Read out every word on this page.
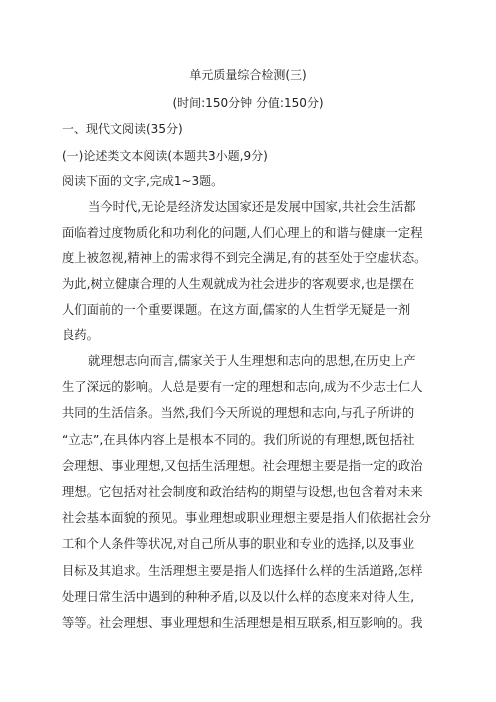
单元质量综合检测(三)
(时间:150分钟 分值:150分)
一、现代文阅读(35分)
(一)论述类文本阅读(本题共3小题,9分)
阅读下面的文字,完成1~3题。
当今时代,无论是经济发达国家还是发展中国家,共社会生活都
面临着过度物质化和功利化的问题,人们心理上的和谐与健康一定程
度上被忽视,精神上的需求得不到完全满足,有的甚至处于空虚状态。
为此,树立健康合理的人生观就成为社会进步的客观要求,也是摆在
人们面前的一个重要课题。在这方面,儒家的人生哲学无疑是一剂
良药。
就理想志向而言,儒家关于人生理想和志向的思想,在历史上产
生了深远的影响。人总是要有一定的理想和志向,成为不少志士仁人
共同的生活信条。当然,我们今天所说的理想和志向,与孔子所讲的
“立志”,在具体内容上是根本不同的。我们所说的有理想,既包括社
会理想、事业理想,又包括生活理想。社会理想主要是指一定的政治
理想。它包括对社会制度和政治结构的期望与设想,也包含着对未来
社会基本面貌的预见。事业理想或职业理想主要是指人们依据社会分
工和个人条件等状况,对自己所从事的职业和专业的选择,以及事业
目标及其追求。生活理想主要是指人们选择什么样的生活道路,怎样
处理日常生活中遇到的种种矛盾,以及以什么样的态度来对待人生,
等等。社会理想、事业理想和生活理想是相互联系,相互影响的。我
